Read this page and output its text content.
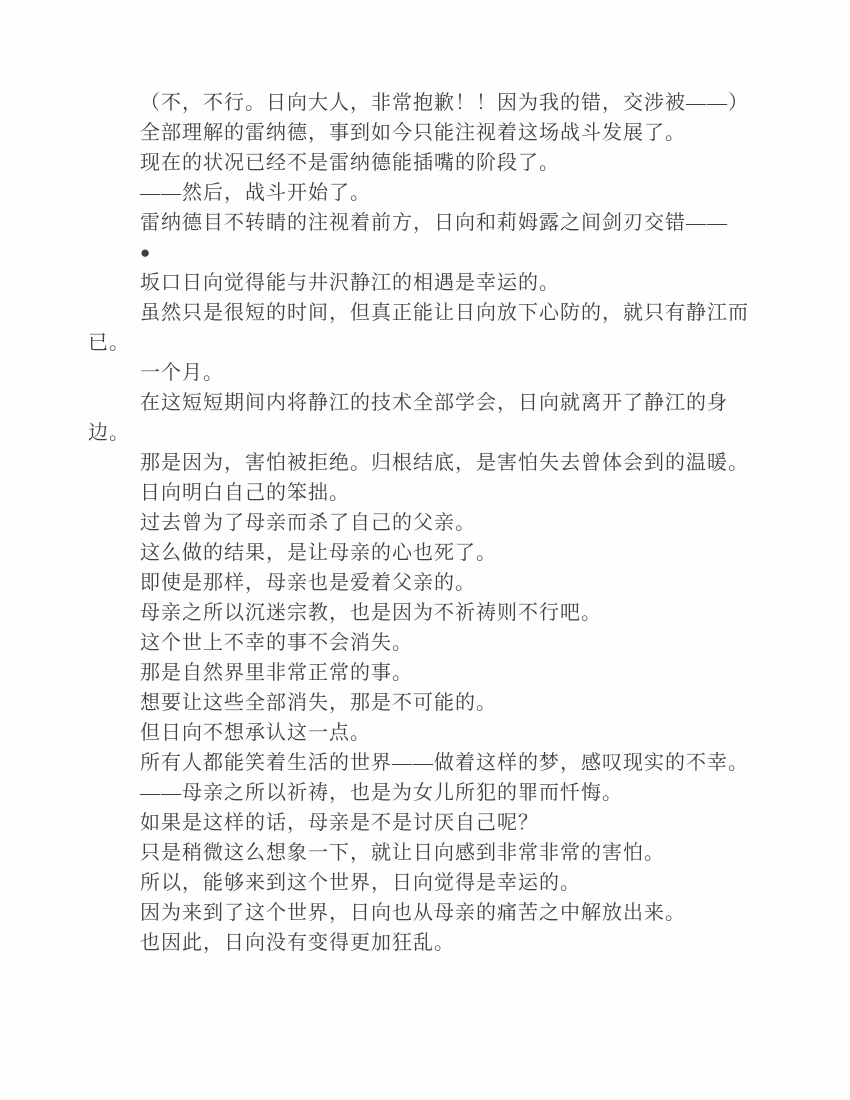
（不，不行。日向大人，非常抱歉！！因为我的错，交涉被——）

全部理解的雷纳德，事到如今只能注视着这场战斗发展了。

现在的状况已经不是雷纳德能插嘴的阶段了。

——然后，战斗开始了。

雷纳德目不转睛的注视着前方，日向和莉姆露之间剑刃交错——

●

坂口日向觉得能与井沢静江的相遇是幸运的。

虽然只是很短的时间，但真正能让日向放下心防的，就只有静江而已。

一个月。

在这短短期间内将静江的技术全部学会，日向就离开了静江的身边。

那是因为，害怕被拒绝。归根结底，是害怕失去曾体会到的温暖。

日向明白自己的笨拙。

过去曾为了母亲而杀了自己的父亲。

这么做的结果，是让母亲的心也死了。

即使是那样，母亲也是爱着父亲的。

母亲之所以沉迷宗教，也是因为不祈祷则不行吧。

这个世上不幸的事不会消失。

那是自然界里非常正常的事。

想要让这些全部消失，那是不可能的。

但日向不想承认这一点。

所有人都能笑着生活的世界——做着这样的梦，感叹现实的不幸。

——母亲之所以祈祷，也是为女儿所犯的罪而忏悔。

如果是这样的话，母亲是不是讨厌自己呢？

只是稍微这么想象一下，就让日向感到非常非常的害怕。

所以，能够来到这个世界，日向觉得是幸运的。

因为来到了这个世界，日向也从母亲的痛苦之中解放出来。

也因此，日向没有变得更加狂乱。
